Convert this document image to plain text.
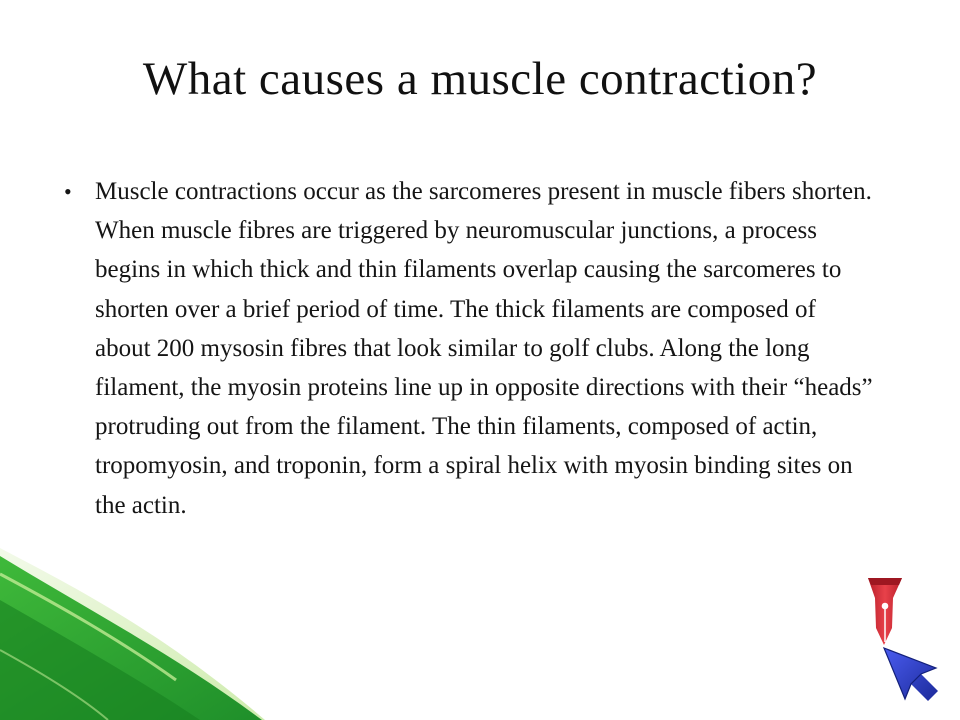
What causes a muscle contraction?
• Muscle contractions occur as the sarcomeres present in muscle fibers shorten. When muscle fibres are triggered by neuromuscular junctions, a process begins in which thick and thin filaments overlap causing the sarcomeres to shorten over a brief period of time. The thick filaments are composed of about 200 mysosin fibres that look similar to golf clubs. Along the long filament, the myosin proteins line up in opposite directions with their “heads” protruding out from the filament. The thin filaments, composed of actin, tropomyosin, and troponin, form a spiral helix with myosin binding sites on the actin.
